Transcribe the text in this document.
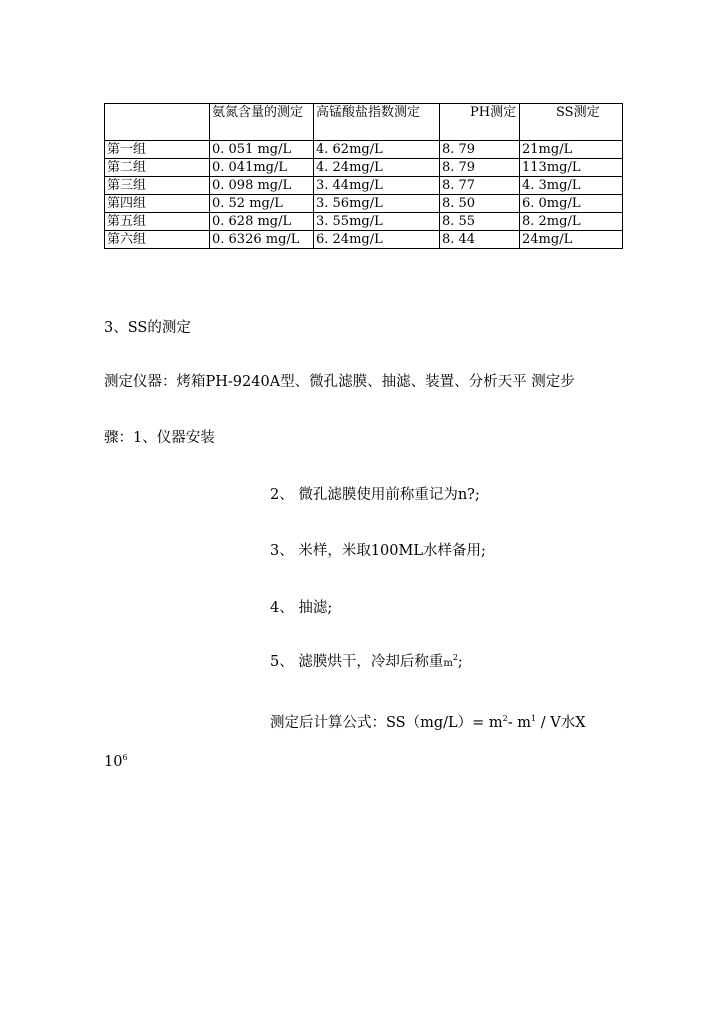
	氨氮含量的测定	高锰酸盐指数测定	PH测定	SS测定
第一组	0. 051 mg/L	4. 62mg/L	8. 79	21mg/L
第二组	0. 041mg/L	4. 24mg/L	8. 79	113mg/L
第三组	0. 098 mg/L	3. 44mg/L	8. 77	4. 3mg/L
第四组	0. 52 mg/L	3. 56mg/L	8. 50	6. 0mg/L
第五组	0. 628 mg/L	3. 55mg/L	8. 55	8. 2mg/L
第六组	0. 6326 mg/L	6. 24mg/L	8. 44	24mg/L
3、SS的测定
测定仪器：烤箱PH-9240A型、微孔滤膜、抽滤、装置、分析天平 测定步
骤：1、仪器安装
2、 微孔滤膜使用前称重记为n?;
3、 米样，米取100ML水样备用;
4、 抽滤;
5、 滤膜烘干，冷却后称重$m^2$;
测定后计算公式：$SS(mg/L)= m^2-$ $m^1$ / V水X
$10^6$
